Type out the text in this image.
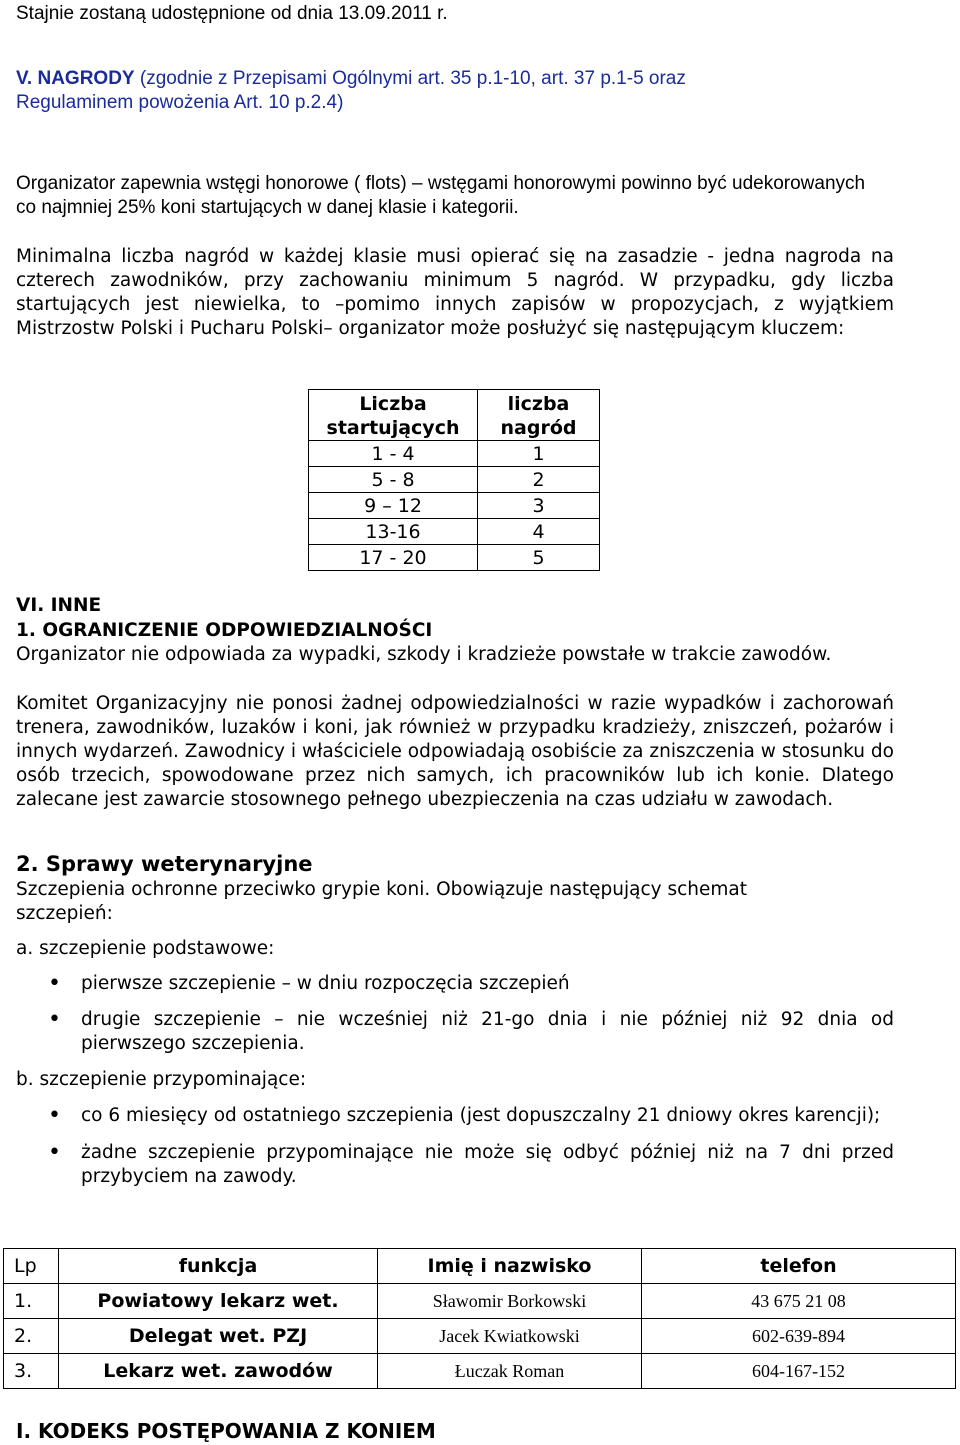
Stajnie zostaną udostępnione od dnia 13.09.2011 r.
V. NAGRODY (zgodnie z Przepisami Ogólnymi art. 35 p.1-10, art. 37 p.1-5 oraz
Regulaminem powożenia Art. 10 p.2.4)
Organizator zapewnia wstęgi honorowe ( flots) – wstęgami honorowymi powinno być udekorowanych co najmniej 25% koni startujących w danej klasie i kategorii.
Minimalna liczba nagród w każdej klasie musi opierać się na zasadzie - jedna nagroda na czterech zawodników, przy zachowaniu minimum 5 nagród. W przypadku, gdy liczba startujących jest niewielka, to –pomimo innych zapisów w propozycjach, z wyjątkiem Mistrzostw Polski i Pucharu Polski– organizator może posłużyć się następującym kluczem:
Liczba
startujących	liczba
nagród
1 - 4	1
5 - 8	2
9 – 12	3
13-16	4
17 - 20	5
VI. INNE
1. OGRANICZENIE ODPOWIEDZIALNOŚCI
Organizator nie odpowiada za wypadki, szkody i kradzieże powstałe w trakcie zawodów.
Komitet Organizacyjny nie ponosi żadnej odpowiedzialności w razie wypadków i zachorowań trenera, zawodników, luzaków i koni, jak również w przypadku kradzieży, zniszczeń, pożarów i innych wydarzeń. Zawodnicy i właściciele odpowiadają osobiście za zniszczenia w stosunku do osób trzecich, spowodowane przez nich samych, ich pracowników lub ich konie. Dlatego zalecane jest zawarcie stosownego pełnego ubezpieczenia na czas udziału w zawodach.
2. Sprawy weterynaryjne
Szczepienia ochronne przeciwko grypie koni. Obowiązuje następujący schemat szczepień:
a. szczepienie podstawowe:
• pierwsze szczepienie – w dniu rozpoczęcia szczepień
• drugie szczepienie – nie wcześniej niż 21-go dnia i nie później niż 92 dnia od pierwszego szczepienia.
b. szczepienie przypominające:
• co 6 miesięcy od ostatniego szczepienia (jest dopuszczalny 21 dniowy okres karencji);
• żadne szczepienie przypominające nie może się odbyć później niż na 7 dni przed przybyciem na zawody.
Lp	funkcja	Imię i nazwisko	telefon
1.	Powiatowy lekarz wet.	Sławomir Borkowski	43 675 21 08
2.	Delegat wet. PZJ	Jacek Kwiatkowski	602-639-894
3.	Lekarz wet. zawodów	Łuczak Roman	604-167-152
I. KODEKS POSTĘPOWANIA Z KONIEM
